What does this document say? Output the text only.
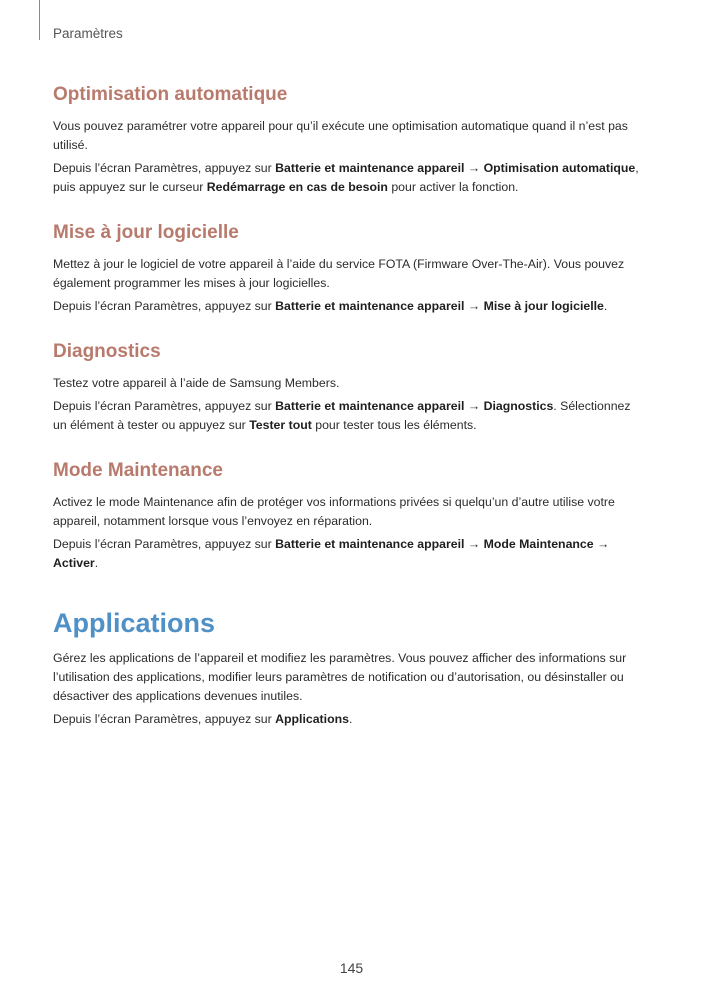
Paramètres
Optimisation automatique

Vous pouvez paramétrer votre appareil pour qu’il exécute une optimisation automatique quand il n’est pas utilisé.

Depuis l’écran Paramètres, appuyez sur Batterie et maintenance appareil → Optimisation automatique, puis appuyez sur le curseur Redémarrage en cas de besoin pour activer la fonction.

Mise à jour logicielle

Mettez à jour le logiciel de votre appareil à l’aide du service FOTA (Firmware Over-The-Air). Vous pouvez également programmer les mises à jour logicielles.

Depuis l’écran Paramètres, appuyez sur Batterie et maintenance appareil → Mise à jour logicielle.

Diagnostics

Testez votre appareil à l’aide de Samsung Members.

Depuis l’écran Paramètres, appuyez sur Batterie et maintenance appareil → Diagnostics. Sélectionnez un élément à tester ou appuyez sur Tester tout pour tester tous les éléments.

Mode Maintenance

Activez le mode Maintenance afin de protéger vos informations privées si quelqu’un d’autre utilise votre appareil, notamment lorsque vous l’envoyez en réparation.

Depuis l’écran Paramètres, appuyez sur Batterie et maintenance appareil → Mode Maintenance → Activer.

Applications

Gérez les applications de l’appareil et modifiez les paramètres. Vous pouvez afficher des informations sur l’utilisation des applications, modifier leurs paramètres de notification ou d’autorisation, ou désinstaller ou désactiver des applications devenues inutiles.

Depuis l’écran Paramètres, appuyez sur Applications.

145
